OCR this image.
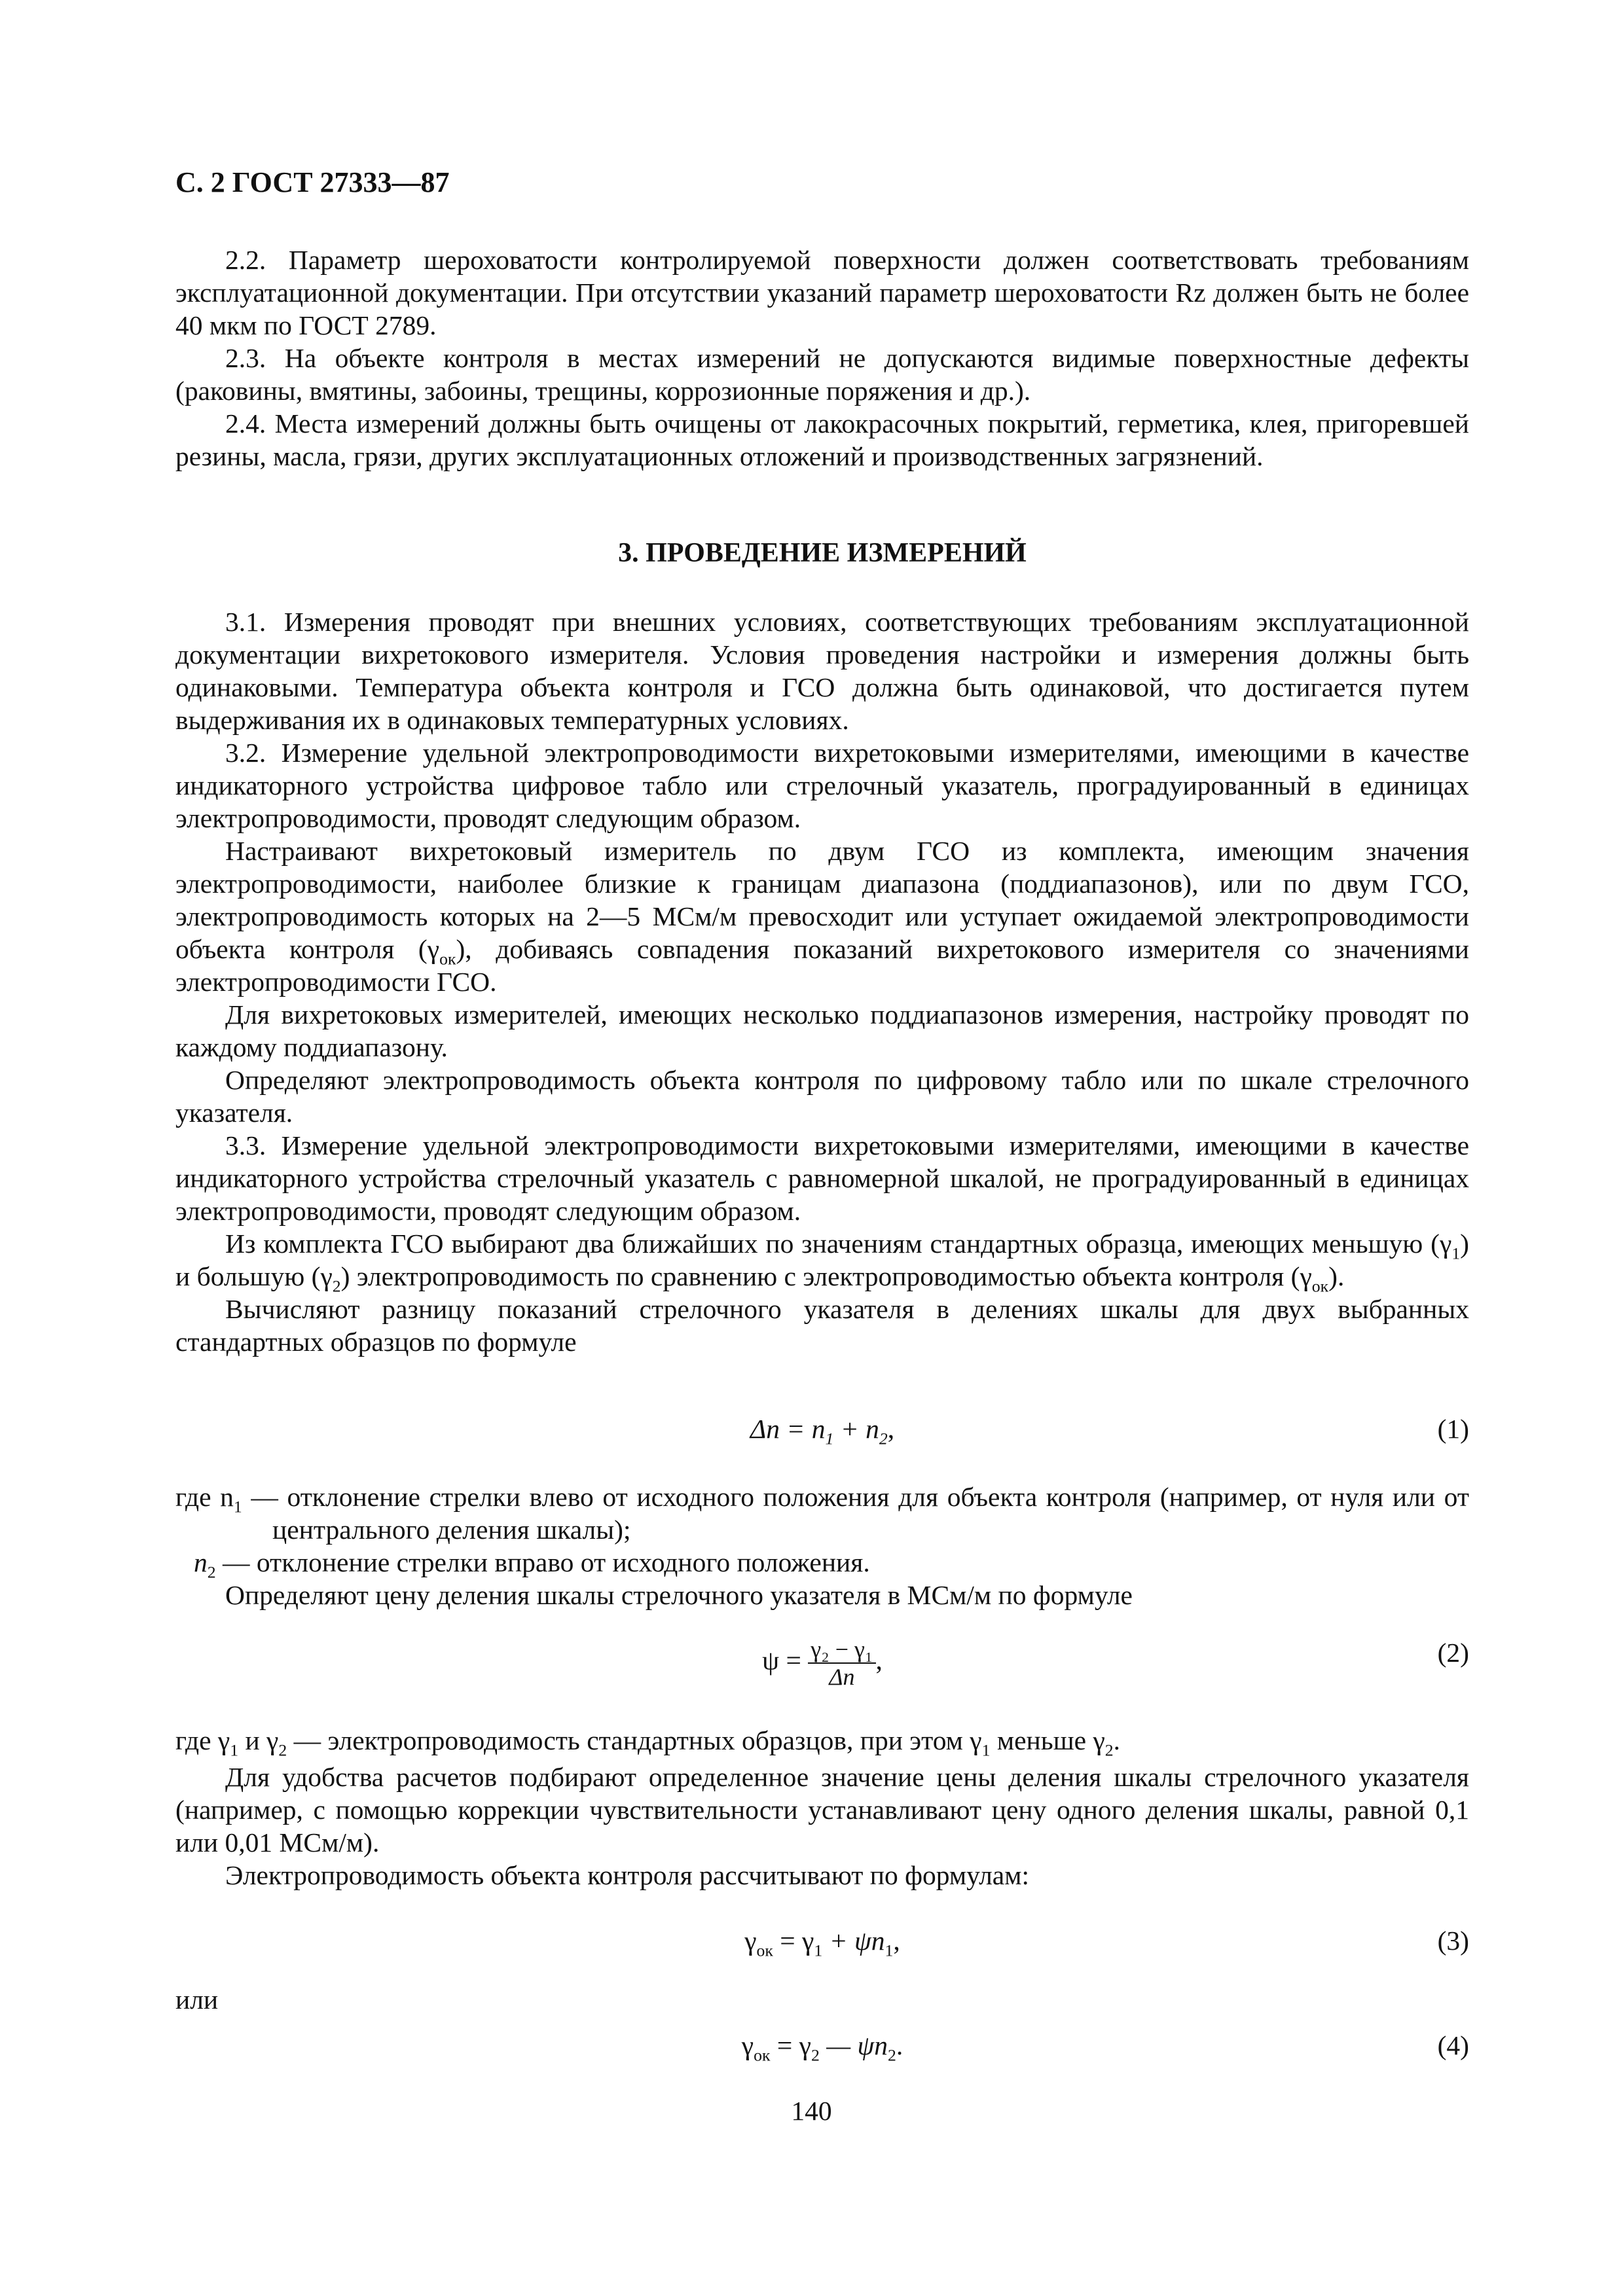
С. 2 ГОСТ 27333—87

2.2. Параметр шероховатости контролируемой поверхности должен соответствовать требованиям эксплуатационной документации. При отсутствии указаний параметр шероховатости Rz должен быть не более 40 мкм по ГОСТ 2789.

2.3. На объекте контроля в местах измерений не допускаются видимые поверхностные дефекты (раковины, вмятины, забоины, трещины, коррозионные поряжения и др.).

2.4. Места измерений должны быть очищены от лакокрасочных покрытий, герметика, клея, пригоревшей резины, масла, грязи, других эксплуатационных отложений и производственных загрязнений.

3. ПРОВЕДЕНИЕ ИЗМЕРЕНИЙ

3.1. Измерения проводят при внешних условиях, соответствующих требованиям эксплуатационной документации вихретокового измерителя. Условия проведения настройки и измерения должны быть одинаковыми. Температура объекта контроля и ГСО должна быть одинаковой, что достигается путем выдерживания их в одинаковых температурных условиях.

3.2. Измерение удельной электропроводимости вихретоковыми измерителями, имеющими в качестве индикаторного устройства цифровое табло или стрелочный указатель, проградуированный в единицах электропроводимости, проводят следующим образом.

Настраивают вихретоковый измеритель по двум ГСО из комплекта, имеющим значения электропроводимости, наиболее близкие к границам диапазона (поддиапазонов), или по двум ГСО, электропроводимость которых на 2—5 МСм/м превосходит или уступает ожидаемой электропроводимости объекта контроля $(\gamma_{ок})$, добиваясь совпадения показаний вихретокового измерителя со значениями электропроводимости ГСО.

Для вихретоковых измерителей, имеющих несколько поддиапазонов измерения, настройку проводят по каждому поддиапазону.

Определяют электропроводимость объекта контроля по цифровому табло или по шкале стрелочного указателя.

3.3. Измерение удельной электропроводимости вихретоковыми измерителями, имеющими в качестве индикаторного устройства стрелочный указатель с равномерной шкалой, не проградуированный в единицах электропроводимости, проводят следующим образом.

Из комплекта ГСО выбирают два ближайших по значениям стандартных образца, имеющих меньшую $(\gamma_1)$ и большую $(\gamma_2)$ электропроводимость по сравнению с электропроводимостью объекта контроля $(\gamma_{ок})$.

Вычисляют разницу показаний стрелочного указателя в делениях шкалы для двух выбранных стандартных образцов по формуле

$\Delta n = n_1 + n_2$,	(1)
где $n_1$ — отклонение стрелки влево от исходного положения для объекта контроля (например, от нуля или от центрального деления шкалы);
$n_2$ — отклонение стрелки вправо от исходного положения.
Определяют цену деления шкалы стрелочного указателя в МСм/м по формуле
$\psi = \frac{\text{γ₂ − γ₁}}{\Delta n}$ ,	(2)
где $\gamma_1$ и $\gamma_2$ — электропроводимость стандартных образцов, при этом $\gamma_1$ меньше $\gamma_2$.

Для удобства расчетов подбирают определенное значение цены деления шкалы стрелочного указателя (например, с помощью коррекции чувствительности устанавливают цену одного деления шкалы, равной 0,1 или 0,01 МСм/м).

Электропроводимость объекта контроля рассчитывают по формулам:

$\gamma_{ок} = \gamma_1 + \psi n_1$,	(3)
или
$\gamma_{ок} = \gamma_2$ — $\psi n_2$.	(4)
140
